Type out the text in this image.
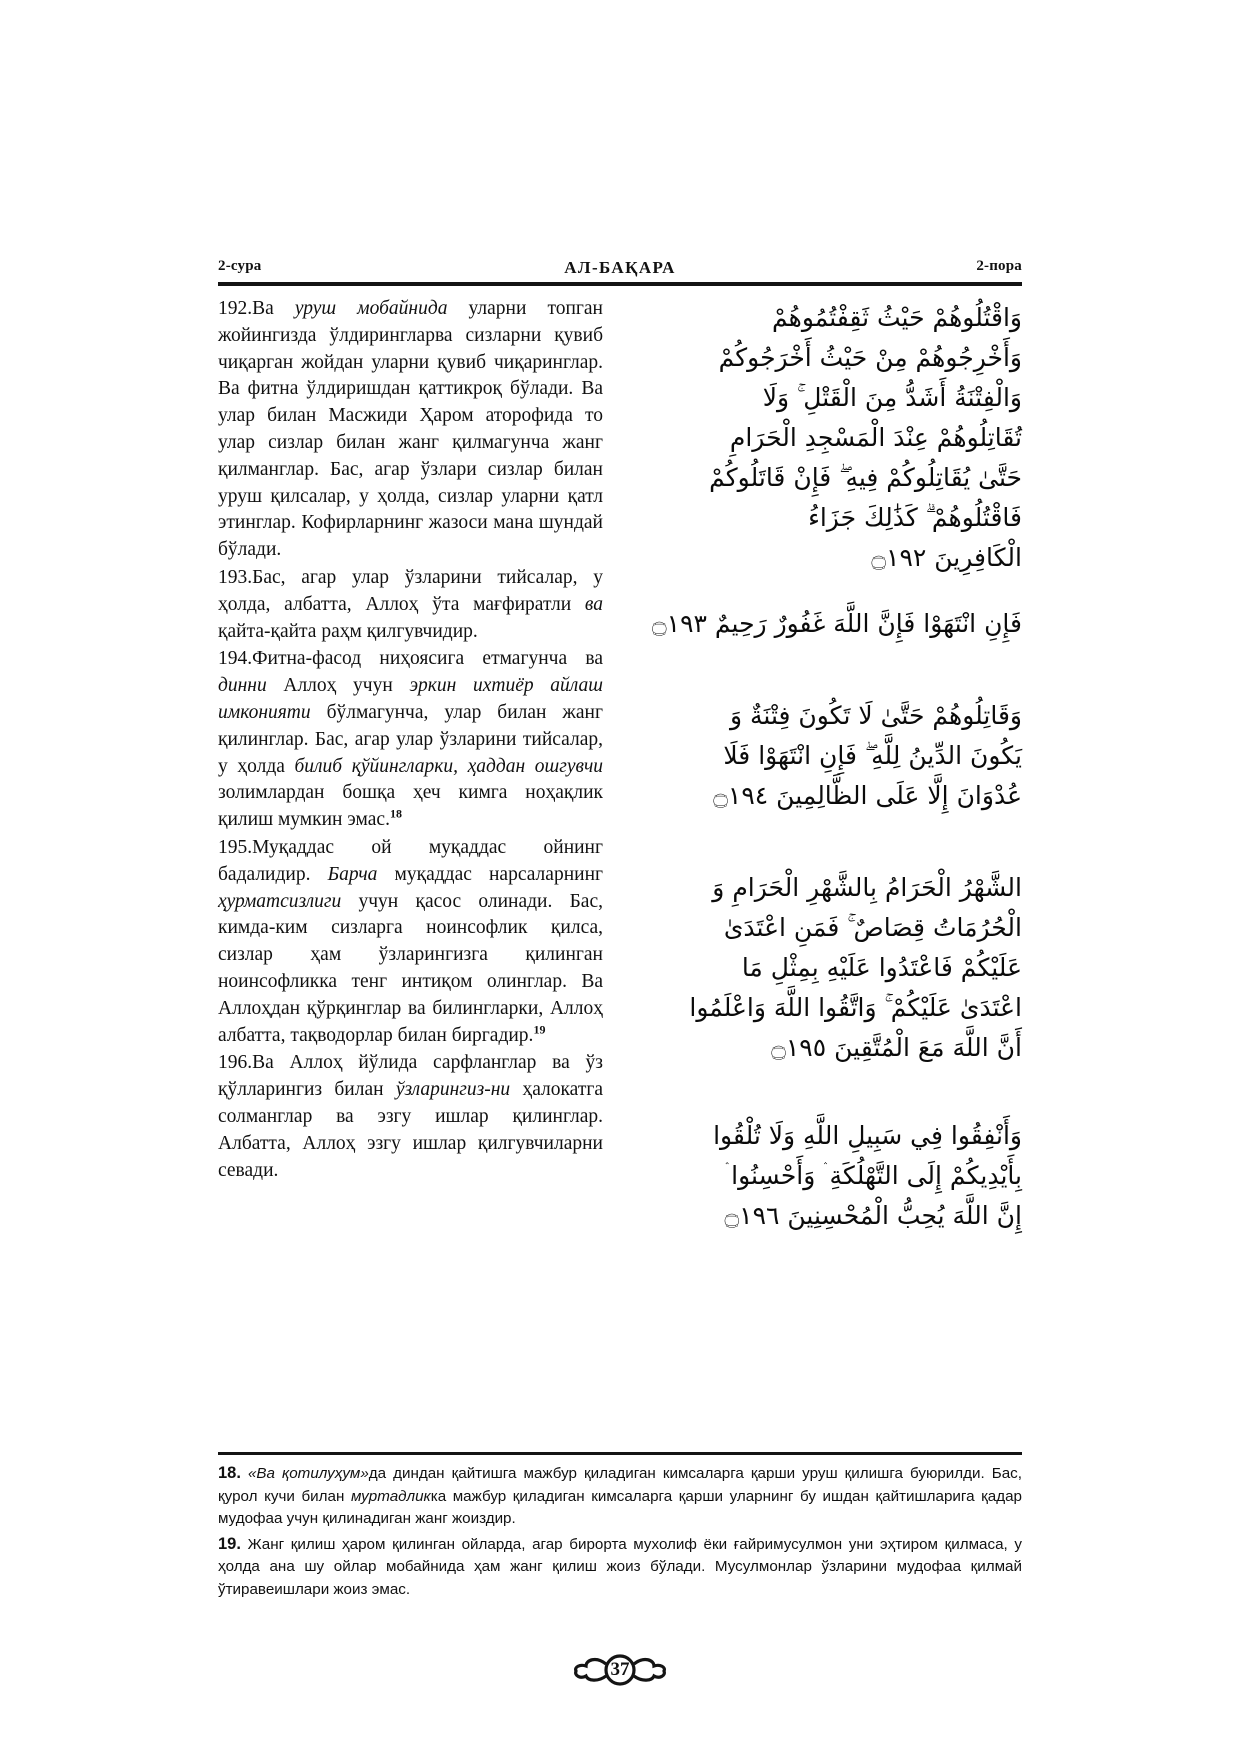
2-сура	АЛ-БАҚАРА	2-пора

192.Ва уруш мобайнида уларни топган жойингизда ўлдирингларва сизларни қувиб чиқарган жойдан уларни қувиб чиқаринглар. Ва фитна ўлдиришдан қаттикроқ бўлади. Ва улар билан Масжиди Ҳаром аторофида то улар сизлар билан жанг қилмагунча жанг қилманглар. Бас, агар ўзлари сизлар билан уруш қилсалар, у ҳолда, сизлар уларни қатл этинглар. Кофирларнинг жазоси мана шундай бўлади.

193.Бас, агар улар ўзларини тийсалар, у ҳолда, албатта, Аллоҳ ўта мағфиратли ва қайта-қайта раҳм қилгувчидир.

194.Фитна-фасод ниҳоясига етмагунча ва динни Аллоҳ учун эркин ихтиёр айлаш имконияти бўлмагунча, улар билан жанг қилинглар. Бас, агар улар ўзларини тийсалар, у ҳолда билиб қўйингларки, ҳаддан ошгувчи золимлардан бошқа ҳеч кимга ноҳақлик қилиш мумкин эмас.$^{18}$

195.Муқаддас ой муқаддас ойнинг бадалидир. Барча муқаддас нарсаларнинг ҳурматсизлиги учун қасос олинади. Бас, кимда-ким сизларга ноинсофлик қилса, сизлар ҳам ўзларингизга қилинган ноинсофликка тенг интиқом олинглар. Ва Аллоҳдан қўрқинглар ва билингларки, Аллоҳ албатта, тақводорлар билан биргадир.$^{19}$

196.Ва Аллоҳ йўлида сарфланглар ва ўз қўлларингиз билан ўзларингиз-ни ҳалокатга солманглар ва эзгу ишлар қилинглар. Албатта, Аллоҳ эзгу ишлар қилгувчиларни севади.

وَاقْتُلُوهُمْ حَيْثُ ثَقِفْتُمُوهُمْ

وَأَخْرِجُوهُمْ مِنْ حَيْثُ أَخْرَجُوكُمْ

وَالْفِتْنَةُ أَشَدُّ مِنَ الْقَتْلِ ۚ وَلَا

تُقَاتِلُوهُمْ عِنْدَ الْمَسْجِدِ الْحَرَامِ

حَتَّىٰ يُقَاتِلُوكُمْ فِيهِ ۖ فَإِنْ قَاتَلُوكُمْ

فَاقْتُلُوهُمْ ۗ كَذَٰلِكَ جَزَاءُ

الْكَافِرِينَ ۝١٩٢

فَإِنِ انْتَهَوْا فَإِنَّ اللَّهَ غَفُورٌ رَحِيمٌ ۝١٩٣

وَقَاتِلُوهُمْ حَتَّىٰ لَا تَكُونَ فِتْنَةٌ وَ

يَكُونَ الدِّينُ لِلَّهِ ۖ فَإِنِ انْتَهَوْا فَلَا

عُدْوَانَ إِلَّا عَلَى الظَّالِمِينَ ۝١٩٤

الشَّهْرُ الْحَرَامُ بِالشَّهْرِ الْحَرَامِ وَ

الْحُرُمَاتُ قِصَاصٌ ۚ فَمَنِ اعْتَدَىٰ

عَلَيْكُمْ فَاعْتَدُوا عَلَيْهِ بِمِثْلِ مَا

اعْتَدَىٰ عَلَيْكُمْ ۚ وَاتَّقُوا اللَّهَ وَاعْلَمُوا

أَنَّ اللَّهَ مَعَ الْمُتَّقِينَ ۝١٩٥

وَأَنْفِقُوا فِي سَبِيلِ اللَّهِ وَلَا تُلْقُوا

بِأَيْدِيكُمْ إِلَى التَّهْلُكَةِ ۛ وَأَحْسِنُوا ۛ

إِنَّ اللَّهَ يُحِبُّ الْمُحْسِنِينَ ۝١٩٦

18. «Ва қотилуҳум»да диндан қайтишга мажбур қиладиган кимсаларга қарши уруш қилишга буюрилди. Бас, қурол кучи билан муртадликка мажбур қиладиган кимсаларга қарши уларнинг бу ишдан қайтишларига қадар мудофаа учун қилинадиган жанг жоиздир.

19. Жанг қилиш ҳаром қилинган ойларда, агар бирорта мухолиф ёки ғайримусулмон уни эҳтиром қилмаса, у ҳолда ана шу ойлар мобайнида ҳам жанг қилиш жоиз бўлади. Мусулмонлар ўзларини мудофаа қилмай ўтиравеишлари жоиз эмас.

37
